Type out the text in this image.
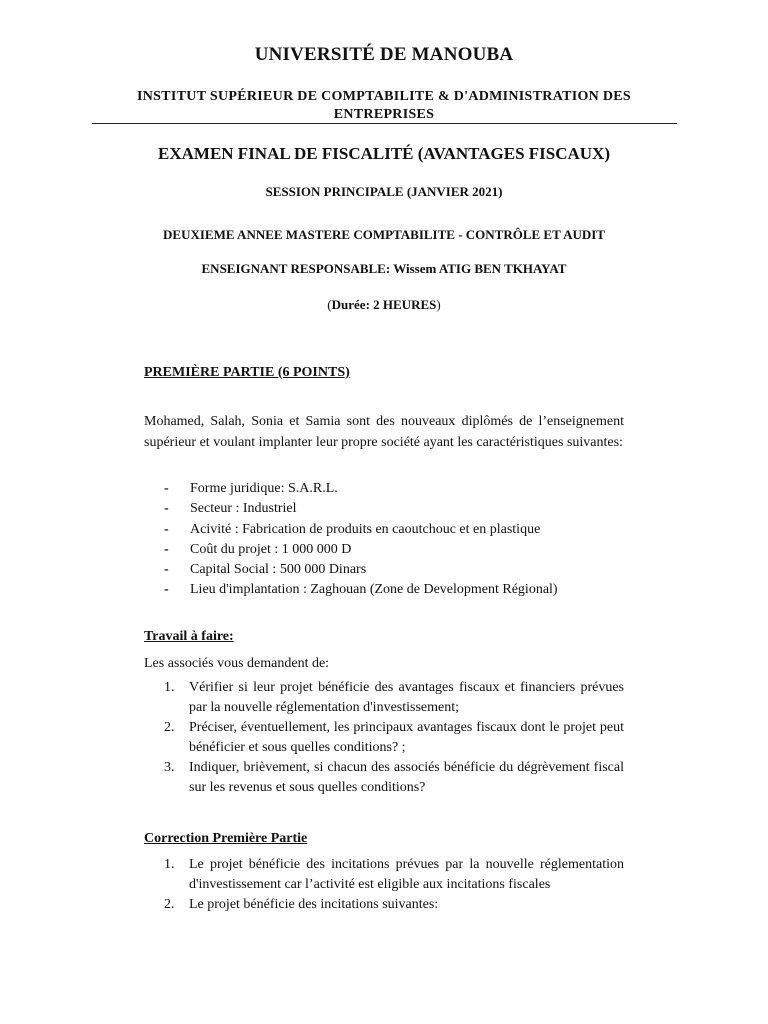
UNIVERSITÉ DE MANOUBA
INSTITUT SUPÉRIEUR DE COMPTABILITE & D'ADMINISTRATION DES ENTREPRISES
EXAMEN FINAL DE FISCALITÉ (AVANTAGES FISCAUX)
SESSION PRINCIPALE (JANVIER 2021)
DEUXIEME ANNEE MASTERE COMPTABILITE - CONTRÔLE ET AUDIT
ENSEIGNANT RESPONSABLE: Wissem ATIG BEN TKHAYAT
(Durée: 2 HEURES)
PREMIÈRE PARTIE (6 POINTS)
Mohamed, Salah, Sonia et Samia sont des nouveaux diplômés de l’enseignement supérieur et voulant implanter leur propre société ayant les caractéristiques suivantes:
- Forme juridique: S.A.R.L.
- Secteur : Industriel
- Acivité : Fabrication de produits en caoutchouc et en plastique
- Coût du projet : 1 000 000 D
- Capital Social : 500 000 Dinars
- Lieu d'implantation : Zaghouan (Zone de Development Régional)
Travail à faire:
Les associés vous demandent de:
1. Vérifier si leur projet bénéficie des avantages fiscaux et financiers prévues par la nouvelle réglementation d'investissement;
2. Préciser, éventuellement, les principaux avantages fiscaux dont le projet peut bénéficier et sous quelles conditions? ;
3. Indiquer, brièvement, si chacun des associés bénéficie du dégrèvement fiscal sur les revenus et sous quelles conditions?
Correction Première Partie
1. Le projet bénéficie des incitations prévues par la nouvelle réglementation d'investissement car l’activité est eligible aux incitations fiscales
2. Le projet bénéficie des incitations suivantes:
